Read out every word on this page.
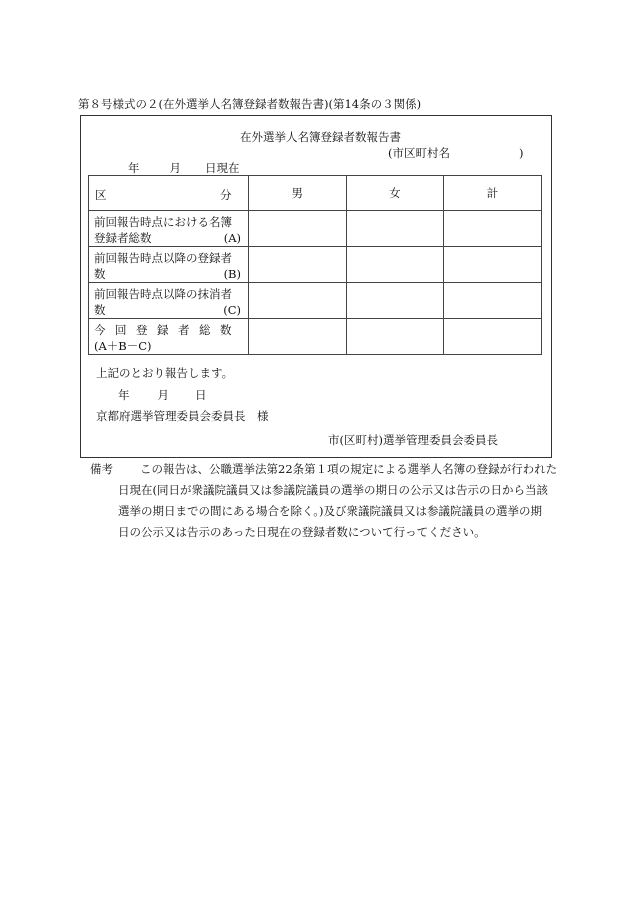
第８号様式の２(在外選挙人名簿登録者数報告書)(第14条の３関係)
在外選挙人名簿登録者数報告書
(市区町村名　　　　　　)
年	月 日現在
区 分	男	女	計

前回報告時点における名簿
登録者総数 (A)			

前回報告時点以降の登録者
数 (B)			

前回報告時点以降の抹消者
数 (C)			

今回登録者総数
(A＋B－C)			

上記のとおり報告します。
年 月 日
京都府選挙管理委員会委員長　様
市(区町村)選挙管理委員会委員長
備考 この報告は、公職選挙法第22条第１項の規定による選挙人名簿の登録が行われた
日現在(同日が衆議院議員又は参議院議員の選挙の期日の公示又は告示の日から当該
選挙の期日までの間にある場合を除く。)及び衆議院議員又は参議院議員の選挙の期
日の公示又は告示のあった日現在の登録者数について行ってください。
